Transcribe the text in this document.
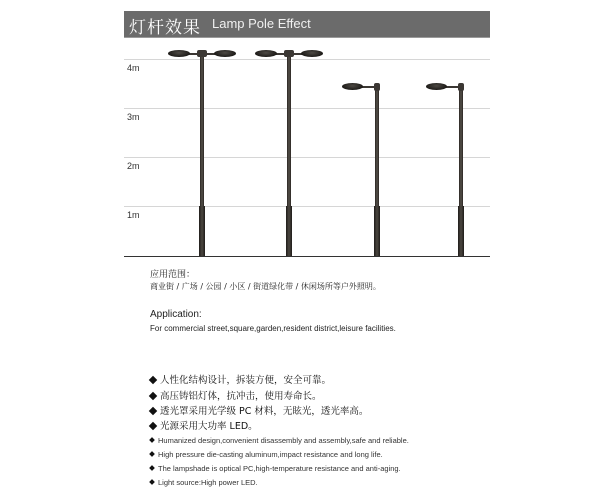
灯杆效果 Lamp Pole Effect
4m
3m
2m
1m
应用范围：
商业街 / 广场 / 公园 / 小区 / 街道绿化带 / 休闲场所等户外照明。
Application:
For commercial street,square,garden,resident district,leisure facilities.
人性化结构设计，拆装方便，安全可靠。
高压铸铝灯体，抗冲击，使用寿命长。
透光罩采用光学级 PC 材料，无眩光，透光率高。
光源采用大功率 LED。
Humanized design,convenient disassembly and assembly,safe and reliable.
High pressure die-casting aluminum,impact resistance and long life.
The lampshade is optical PC,high-temperature resistance and anti-aging.
Light source:High power LED.
